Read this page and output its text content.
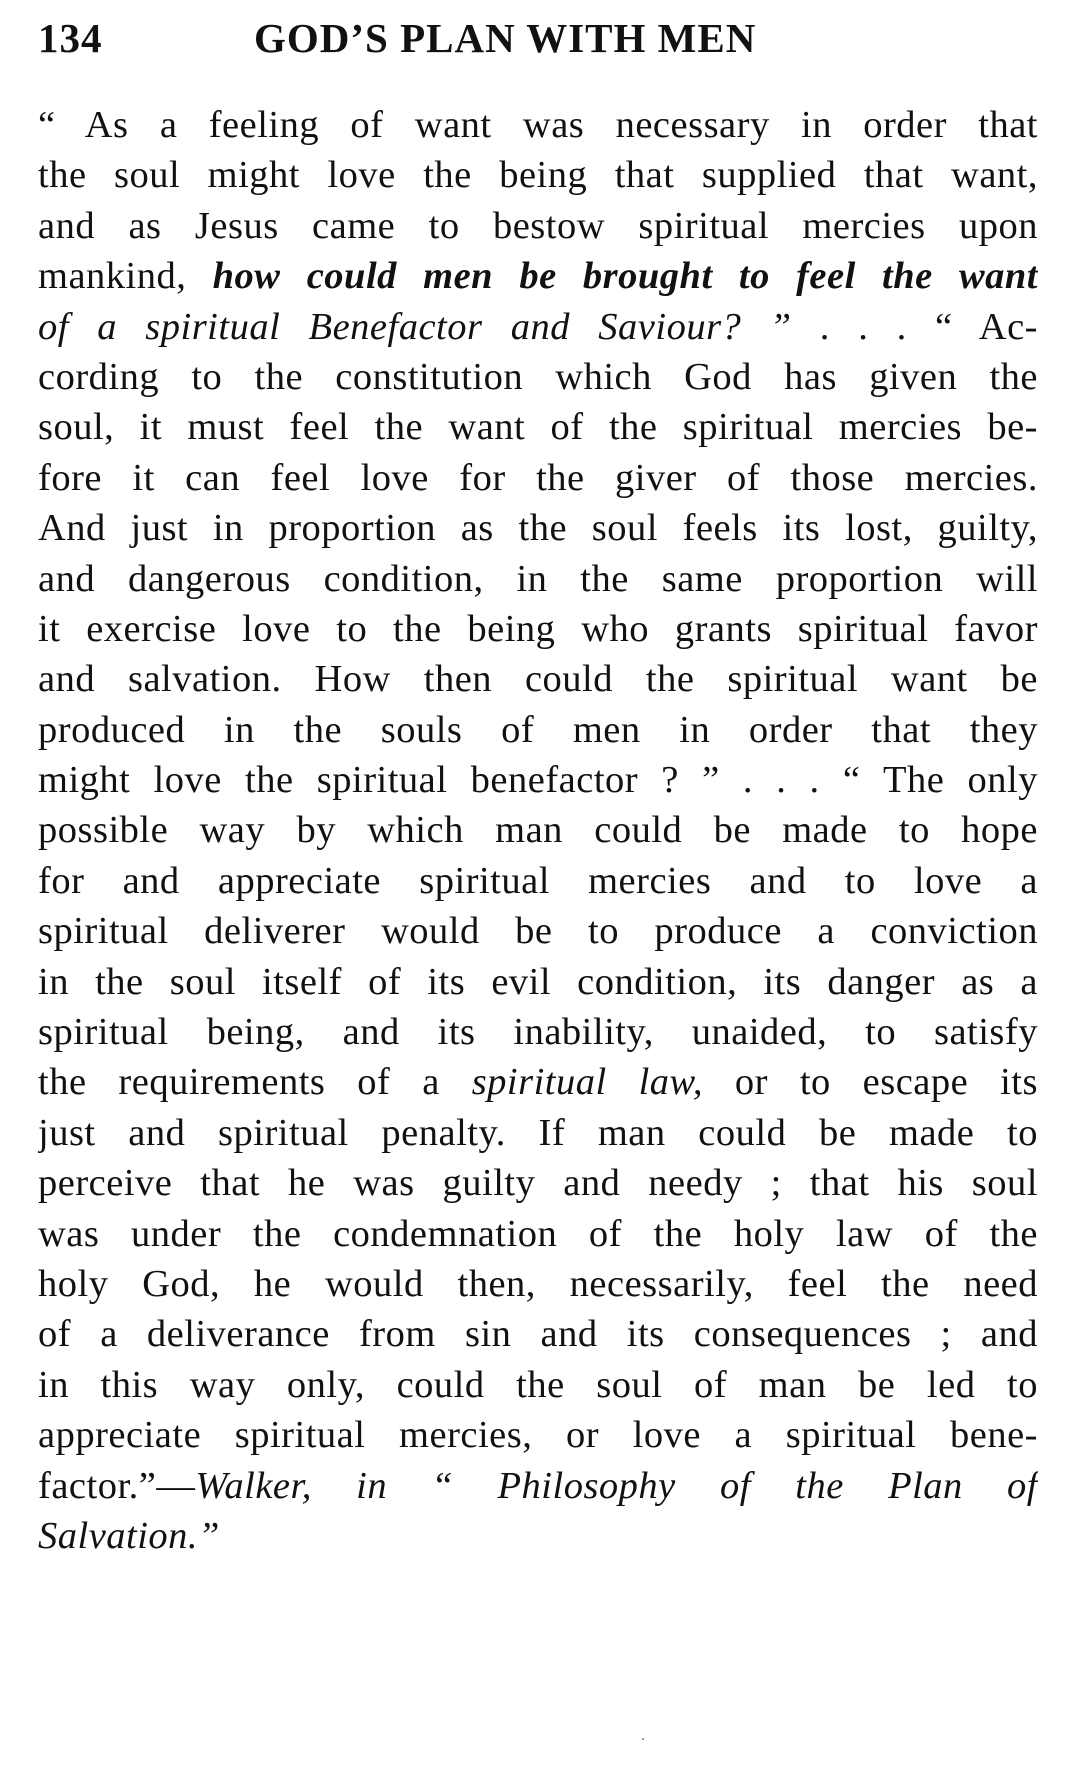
134	GOD’S PLAN WITH MEN
“ As a feeling of want was necessary in order that
the soul might love the being that supplied that want,
and as Jesus came to bestow spiritual mercies upon
mankind, how could men be brought to feel the want
of a spiritual Benefactor and Saviour? ” . . . “ Ac-
cording to the constitution which God has given the
soul, it must feel the want of the spiritual mercies be-
fore it can feel love for the giver of those mercies.
And just in proportion as the soul feels its lost, guilty,
and dangerous condition, in the same proportion will
it exercise love to the being who grants spiritual favor
and salvation. How then could the spiritual want be
produced in the souls of men in order that they
might love the spiritual benefactor ? ” . . . “ The only
possible way by which man could be made to hope
for and appreciate spiritual mercies and to love a
spiritual deliverer would be to produce a conviction
in the soul itself of its evil condition, its danger as a
spiritual being, and its inability, unaided, to satisfy
the requirements of a spiritual law, or to escape its
just and spiritual penalty. If man could be made to
perceive that he was guilty and needy ; that his soul
was under the condemnation of the holy law of the
holy God, he would then, necessarily, feel the need
of a deliverance from sin and its consequences ; and
in this way only, could the soul of man be led to
appreciate spiritual mercies, or love a spiritual bene-
factor.”—Walker, in “ Philosophy of the Plan of
Salvation.”
